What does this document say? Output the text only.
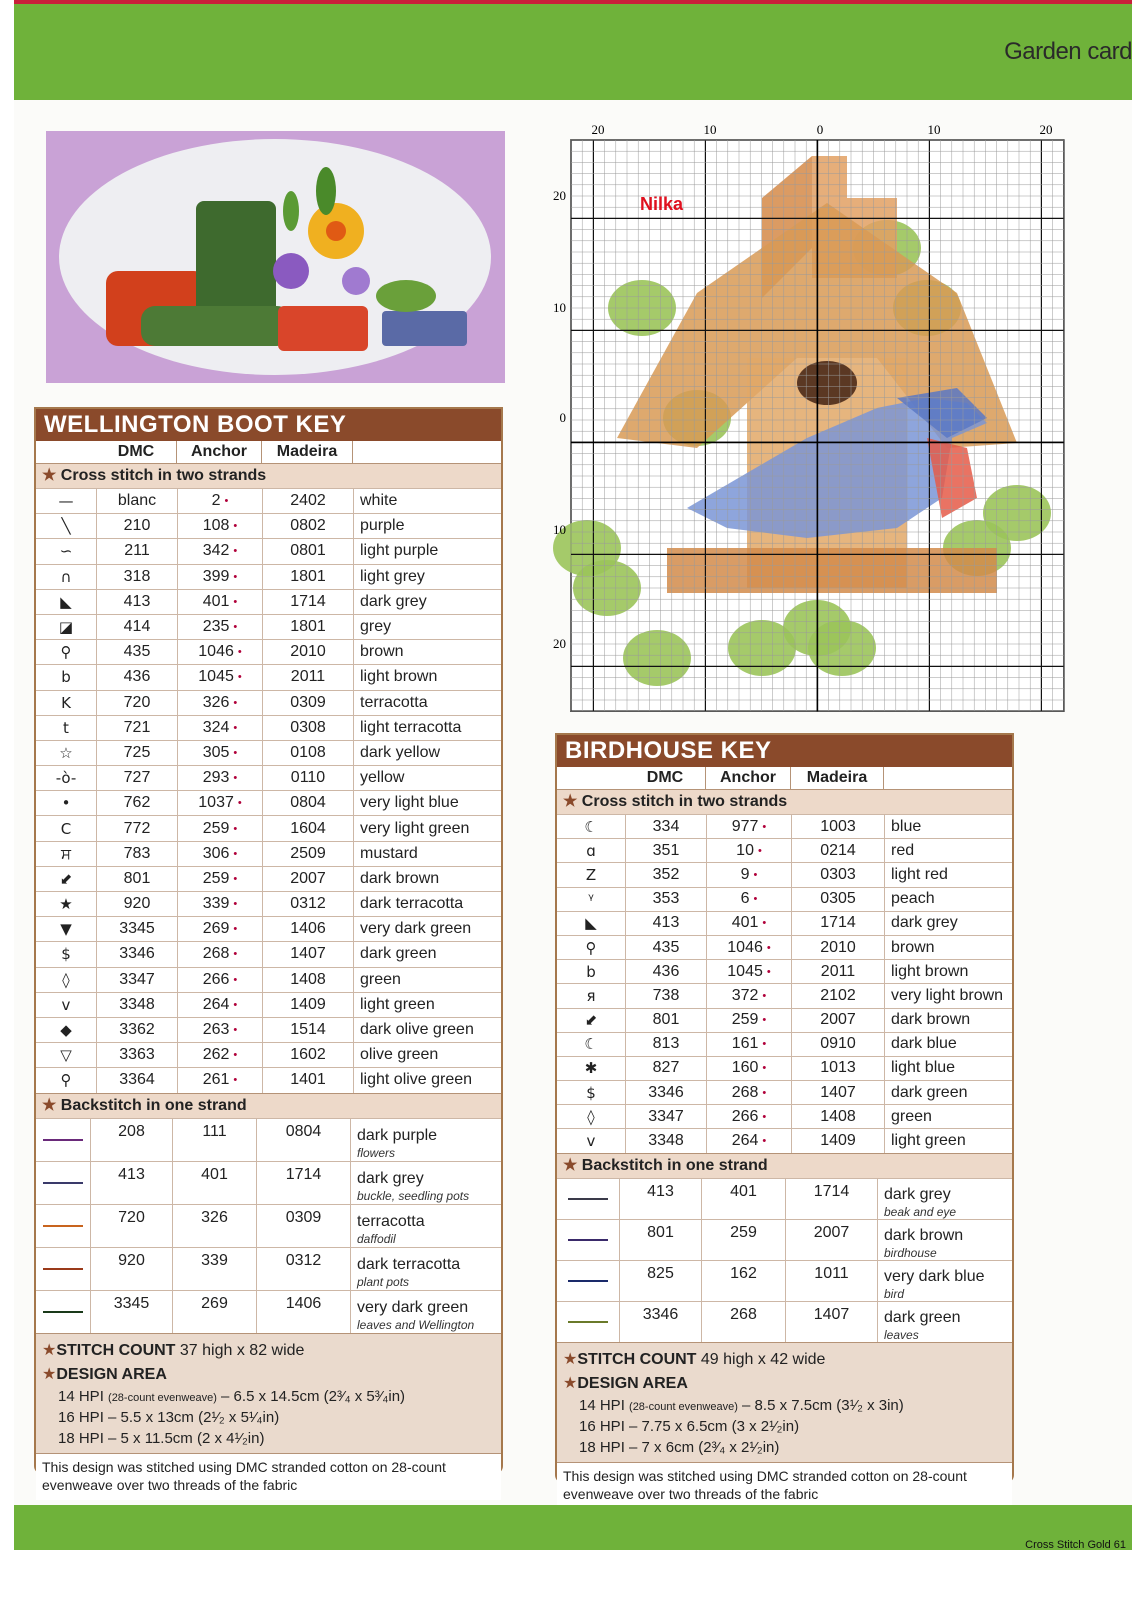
Garden card
WELLINGTON BOOT KEY
DMC	Anchor	Madeira
★ Cross stitch in two strands
—	blanc	2 •	2402 white
╲	210	108 •	0802 purple
∽	211	342 •	0801 light purple
∩	318	399 •	1801 light grey
◣	413	401 •	1714 dark grey
◪	414	235 •	1801 grey
⚲	435	1046 •	2010 brown
b	436	1045 •	2011 light brown
K	720	326 •	0309 terracotta
t	721	324 •	0308 light terracotta
☆	725	305 •	0108 dark yellow
-ò-	727	293 •	0110 yellow
•	762	1037 •	0804 very light blue
C	772	259 •	1604 very light green
ਸ	783	306 •	2509 mustard
⬋	801	259 •	2007 dark brown
★	920	339 •	0312 dark terracotta
▼	3345	269 •	1406 very dark green
$	3346	268 •	1407 dark green
◊	3347	266 •	1408 green
v	3348	264 •	1409 light green
◆	3362	263 •	1514 dark olive green
▽	3363	262 •	1602 olive green
⚲	3364	261 •	1401 light olive green
★ Backstitch in one strand
208	111	0804	dark purple
flowers
413	401	1714	dark grey
buckle, seedling pots
720	326	0309	terracotta
daffodil
920	339	0312	dark terracotta
plant pots
3345	269	1406	very dark green
leaves and Wellington
★STITCH COUNT 37 high x 82 wide
★DESIGN AREA
14 HPI (28-count evenweave) – 6.5 x 14.5cm (2³⁄₄ x 5³⁄₄in)
16 HPI – 5.5 x 13cm (2¹⁄₂ x 5¹⁄₄in)
18 HPI – 5 x 11.5cm (2 x 4¹⁄₂in)
This design was stitched using DMC stranded cotton on 28-count evenweave over two threads of the fabric
20	10	0	10	20
20
10
0
10
20
Nilka
BIRDHOUSE KEY
DMC	Anchor	Madeira
★ Cross stitch in two strands
☾	334	977 •	1003 blue
ɑ	351	10 •	0214 red
Z	352	9 •	0303 light red
ᵞ	353	6 •	0305 peach
◣	413	401 •	1714 dark grey
⚲	435	1046 •	2010 brown
b	436	1045 •	2011 light brown
я	738	372 •	2102 very light brown
⬋	801	259 •	2007 dark brown
☾	813	161 •	0910 dark blue
✱	827	160 •	1013 light blue
$	3346	268 •	1407 dark green
◊	3347	266 •	1408 green
v	3348	264 •	1409 light green
★ Backstitch in one strand
413	401	1714	dark grey
beak and eye
801	259	2007	dark brown
birdhouse
825	162	1011	very dark blue
bird
3346	268	1407	dark green
leaves
★STITCH COUNT 49 high x 42 wide
★DESIGN AREA
14 HPI (28-count evenweave) – 8.5 x 7.5cm (3¹⁄₂ x 3in)
16 HPI – 7.75 x 6.5cm (3 x 2¹⁄₂in)
18 HPI – 7 x 6cm (2³⁄₄ x 2¹⁄₂in)
This design was stitched using DMC stranded cotton on 28-count evenweave over two threads of the fabric
Cross Stitch Gold 61
